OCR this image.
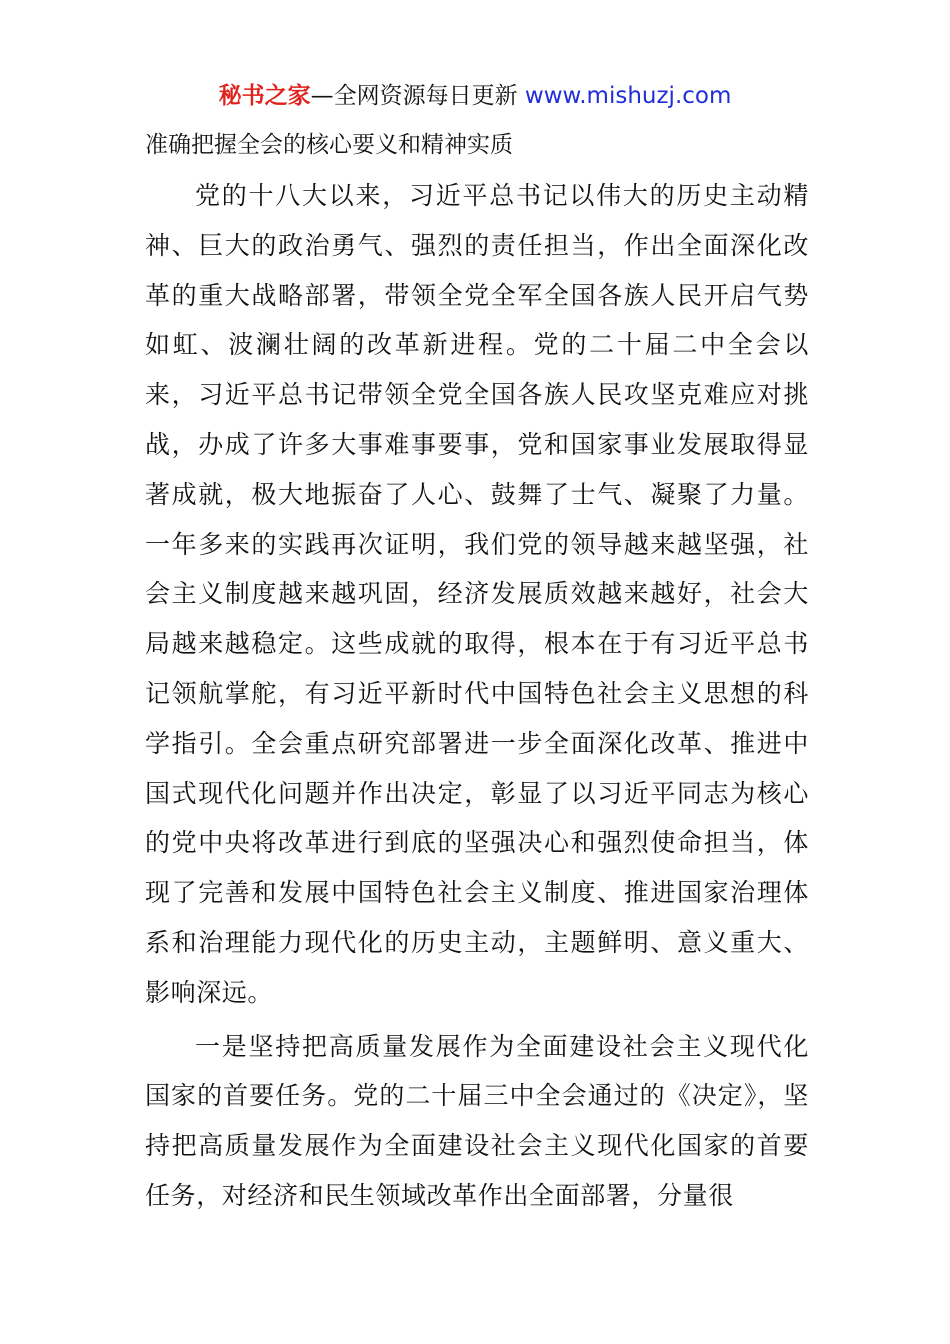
秘书之家—全网资源每日更新 www.mishuzj.com
准确把握全会的核心要义和精神实质

党的十八大以来，习近平总书记以伟大的历史主动精神、巨大的政治勇气、强烈的责任担当，作出全面深化改革的重大战略部署，带领全党全军全国各族人民开启气势如虹、波澜壮阔的改革新进程。党的二十届二中全会以来，习近平总书记带领全党全国各族人民攻坚克难应对挑战，办成了许多大事难事要事，党和国家事业发展取得显著成就，极大地振奋了人心、鼓舞了士气、凝聚了力量。一年多来的实践再次证明，我们党的领导越来越坚强，社会主义制度越来越巩固，经济发展质效越来越好，社会大局越来越稳定。这些成就的取得，根本在于有习近平总书记领航掌舵，有习近平新时代中国特色社会主义思想的科学指引。全会重点研究部署进一步全面深化改革、推进中国式现代化问题并作出决定，彰显了以习近平同志为核心的党中央将改革进行到底的坚强决心和强烈使命担当，体现了完善和发展中国特色社会主义制度、推进国家治理体系和治理能力现代化的历史主动，主题鲜明、意义重大、影响深远。

一是坚持把高质量发展作为全面建设社会主义现代化国家的首要任务。党的二十届三中全会通过的《决定》，坚持把高质量发展作为全面建设社会主义现代化国家的首要任务，对经济和民生领域改革作出全面部署，分量很
